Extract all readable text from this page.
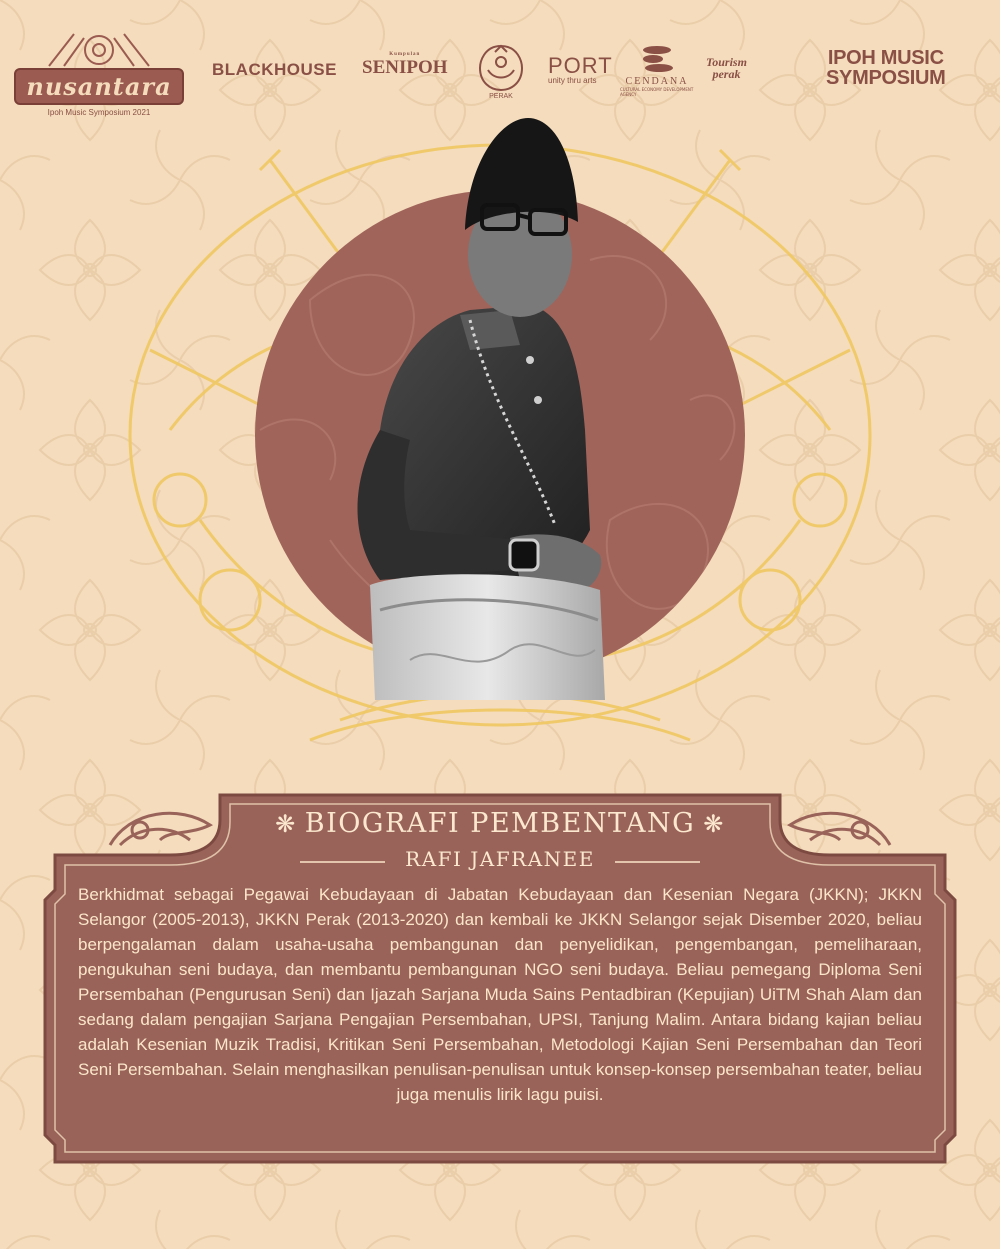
nusantara
Ipoh Music Symposium 2021
BLACKHOUSE
Kumpulan
SENIPOH
PERAK
PORT
unity thru arts	CENDANA
CULTURAL ECONOMY DEVELOPMENT AGENCY
Tourism
perak
IPOH MUSIC
SYMPOSIUM
❋ BIOGRAFI PEMBENTANG ❋
RAFI JAFRANEE
Berkhidmat sebagai Pegawai Kebudayaan di Jabatan Kebudayaan dan Kesenian Negara (JKKN); JKKN Selangor (2005-2013), JKKN Perak (2013-2020) dan kembali ke JKKN Selangor sejak Disember 2020, beliau berpengalaman dalam usaha-usaha pembangunan dan penyelidikan, pengembangan, pemeliharaan, pengukuhan seni budaya, dan membantu pembangunan NGO seni budaya. Beliau pemegang Diploma Seni Persembahan (Pengurusan Seni) dan Ijazah Sarjana Muda Sains Pentadbiran (Kepujian) UiTM Shah Alam dan sedang dalam pengajian Sarjana Pengajian Persembahan, UPSI, Tanjung Malim. Antara bidang kajian beliau adalah Kesenian Muzik Tradisi, Kritikan Seni Persembahan, Metodologi Kajian Seni Persembahan dan Teori Seni Persembahan. Selain menghasilkan penulisan-penulisan untuk konsep-konsep persembahan teater, beliau juga menulis lirik lagu puisi.
